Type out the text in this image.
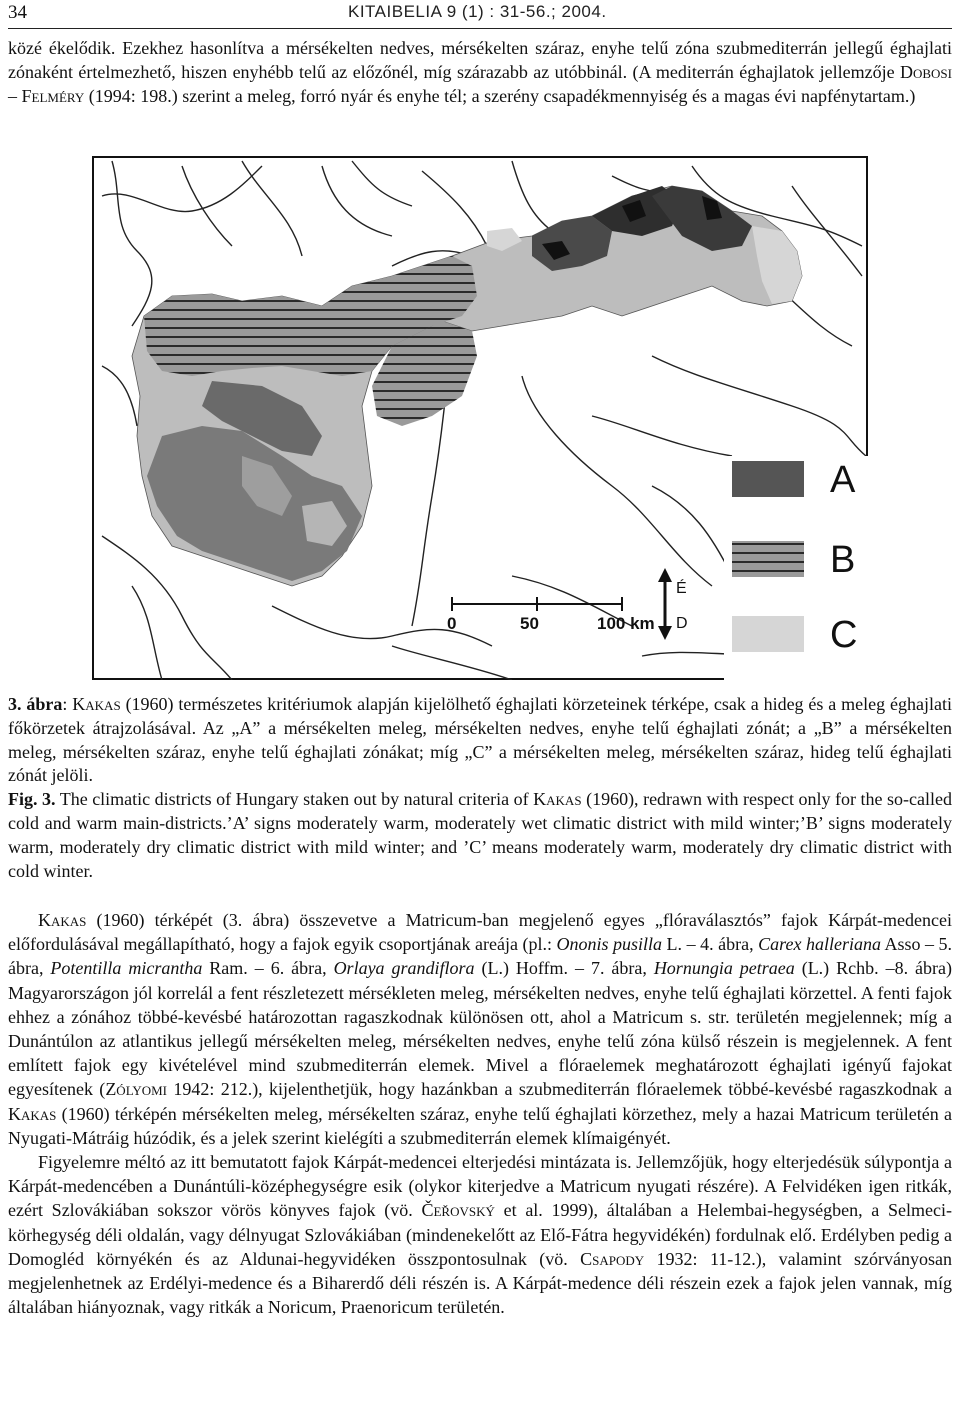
34	KITAIBELIA 9 (1) : 31-56.; 2004.
közé ékelődik. Ezekhez hasonlítva a mérsékelten nedves, mérsékelten száraz, enyhe telű zóna szubmediterrán jellegű éghajlati zónaként értelmezhető, hiszen enyhébb telű az előzőnél, míg szárazabb az utóbbinál. (A mediterrán éghajlatok jellemzője Dobosi – Felméry (1994: 198.) szerint a meleg, forró nyár és enyhe tél; a szerény csapadékmennyiség és a magas évi napfénytartam.)
A
B
C
0	50	100 km
É
D
3. ábra: Kakas (1960) természetes kritériumok alapján kijelölhető éghajlati körzeteinek térképe, csak a hideg és a meleg éghajlati főkörzetek átrajzolásával. Az „A” a mérsékelten meleg, mérsékelten nedves, enyhe telű éghajlati zónát; a „B” a mérsékelten meleg, mérsékelten száraz, enyhe telű éghajlati zónákat; míg „C” a mérsékelten meleg, mérsékelten száraz, hideg telű éghajlati zónát jelöli.
Fig. 3. The climatic districts of Hungary staken out by natural criteria of Kakas (1960), redrawn with respect only for the so-called cold and warm main-districts.’A’ signs moderately warm, moderately wet climatic district with mild winter;’B’ signs moderately warm, moderately dry climatic district with mild winter; and ’C’ means moderately warm, moderately dry climatic district with cold winter.

Kakas (1960) térképét (3. ábra) összevetve a Matricum-ban megjelenő egyes „flóraválasztós” fajok Kárpát-medencei előfordulásával megállapítható, hogy a fajok egyik csoportjának areája (pl.: Ononis pusilla L. – 4. ábra, Carex halleriana Asso – 5. ábra, Potentilla micrantha Ram. – 6. ábra, Orlaya grandiflora (L.) Hoffm. – 7. ábra, Hornungia petraea (L.) Rchb. –8. ábra) Magyarországon jól korrelál a fent részletezett mérsékleten meleg, mérsékelten nedves, enyhe telű éghajlati körzettel. A fenti fajok ehhez a zónához többé-kevésbé határozottan ragaszkodnak különösen ott, ahol a Matricum s. str. területén megjelennek; míg a Dunántúlon az atlantikus jellegű mérsékelten meleg, mérsékelten nedves, enyhe telű zóna külső részein is megjelennek. A fent említett fajok egy kivételével mind szubmediterrán elemek. Mivel a flóraelemek meghatározott éghajlati igényű fajokat egyesítenek (Zólyomi 1942: 212.), kijelenthetjük, hogy hazánkban a szubmediterrán flóraelemek többé-kevésbé ragaszkodnak a Kakas (1960) térképén mérsékelten meleg, mérsékelten száraz, enyhe telű éghajlati körzethez, mely a hazai Matricum területén a Nyugati-Mátráig húzódik, és a jelek szerint kielégíti a szubmediterrán elemek klímaigényét.

Figyelemre méltó az itt bemutatott fajok Kárpát-medencei elterjedési mintázata is. Jellemzőjük, hogy elterjedésük súlypontja a Kárpát-medencében a Dunántúli-középhegységre esik (olykor kiterjedve a Matricum nyugati részére). A Felvidéken igen ritkák, ezért Szlovákiában sokszor vörös könyves fajok (vö. Čeřovský et al. 1999), általában a Helembai-hegységben, a Selmeci-körhegység déli oldalán, vagy délnyugat Szlovákiában (mindenekelőtt az Elő-Fátra hegyvidékén) fordulnak elő. Erdélyben pedig a Domogléd környékén és az Aldunai-hegyvidéken összpontosulnak (vö. Csapody 1932: 11-12.), valamint szórványosan megjelenhetnek az Erdélyi-medence és a Biharerdő déli részén is. A Kárpát-medence déli részein ezek a fajok jelen vannak, míg általában hiányoznak, vagy ritkák a Noricum, Praenoricum területén.
